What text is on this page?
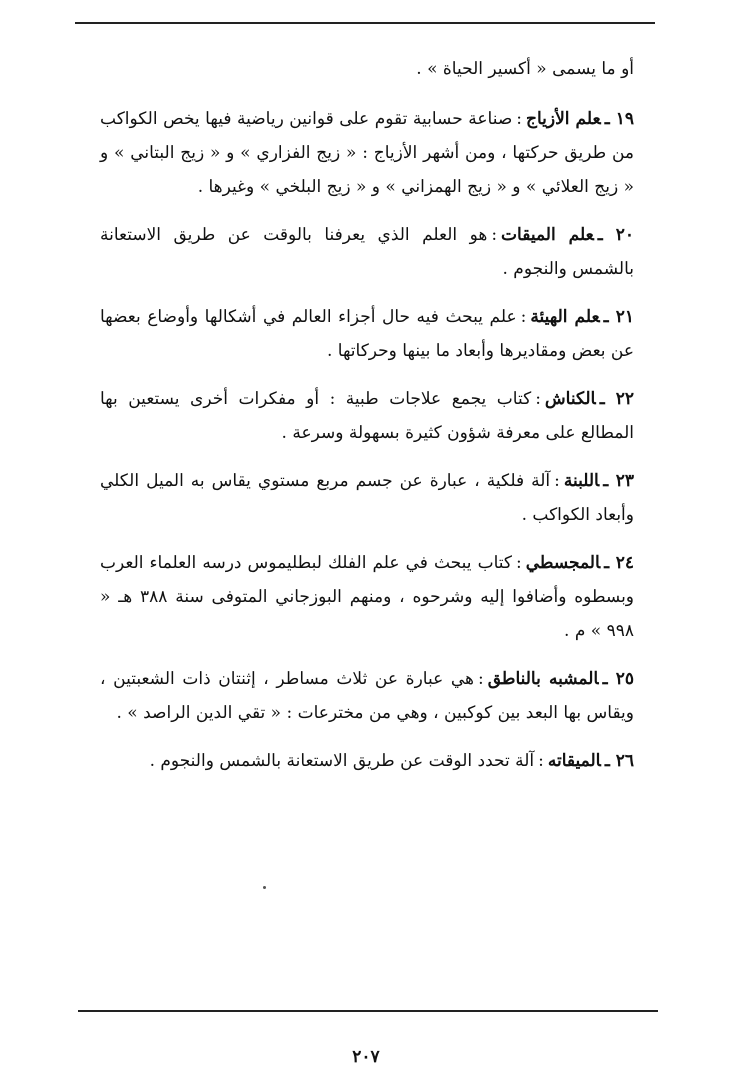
أو ما يسمى « أكسير الحياة » .

١٩ ـعلم الأزياج:صناعة حسابية تقوم على قوانين رياضية فيها يخص الكواكب من طريق حركتها ، ومن أشهر الأزياج : « زيج الفزاري » و « زيج البتاني » و « زيج العلائي » و « زيج الهمزاني » و « زيج البلخي » وغيرها .

٢٠ ـعلم الميقات:هو العلم الذي يعرفنا بالوقت عن طريق الاستعانة بالشمس والنجوم .

٢١ ـعلم الهيئة:علم يبحث فيه حال أجزاء العالم في أشكالها وأوضاع بعضها عن بعض ومقاديرها وأبعاد ما بينها وحركاتها .

٢٢ ـالكناش:كتاب يجمع علاجات طبية : أو مفكرات أخرى يستعين بها المطالع على معرفة شؤون كثيرة بسهولة وسرعة .

٢٣ ـاللبنة:آلة فلكية ، عبارة عن جسم مربع مستوي يقاس به الميل الكلي وأبعاد الكواكب .

٢٤ ـالمجسطي:كتاب يبحث في علم الفلك لبطليموس درسه العلماء العرب وبسطوه وأضافوا إليه وشرحوه ، ومنهم البوزجاني المتوفى سنة ٣٨٨ هـ « ٩٩٨ » م .

٢٥ ـالمشبه بالناطق:هي عبارة عن ثلاث مساطر ، إثنتان ذات الشعبتين ، ويقاس بها البعد بين كوكبين ، وهي من مخترعات : « تقي الدين الراصد » .

٢٦ ـالميقاته:آلة تحدد الوقت عن طريق الاستعانة بالشمس والنجوم .

٢٠٧
